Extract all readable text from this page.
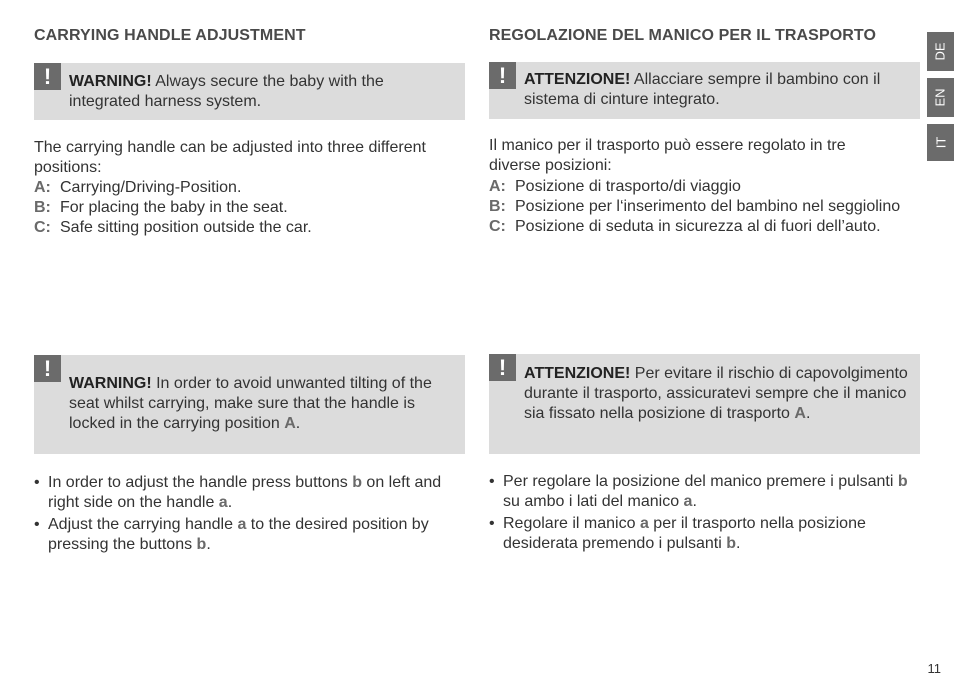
CARRYING HANDLE ADJUSTMENT
!	WARNING! Always secure the baby with the integrated harness system.
The carrying handle can be adjusted into three different positions:
A: Carrying/Driving-Position.
B: For placing the baby in the seat.
C: Safe sitting position outside the car.
!
WARNING! In order to avoid unwanted tilting of the seat whilst carrying, make sure that the handle is locked in the carrying position A.
• In order to adjust the handle press buttons b on left and right side on the handle a.
• Adjust the carrying handle a to the desired position by pressing the buttons b.
REGOLAZIONE DEL MANICO PER IL TRASPORTO
!	ATTENZIONE! Allacciare sempre il bambino con il sistema di cinture integrato.
Il manico per il trasporto può essere regolato in tre diverse posizioni:
A: Posizione di trasporto/di viaggio
B: Posizione per l‘inserimento del bambino nel seggiolino
C: Posizione di seduta in sicurezza al di fuori dell’auto.
!	ATTENZIONE! Per evitare il rischio di capovolgimento durante il trasporto, assicuratevi sempre che il manico sia fissato nella posizione di trasporto A.
• Per regolare la posizione del manico premere i pulsanti b su ambo i lati del manico a.
• Regolare il manico a per il trasporto nella posizione desiderata premendo i pulsanti b.
DE
EN
IT
11
